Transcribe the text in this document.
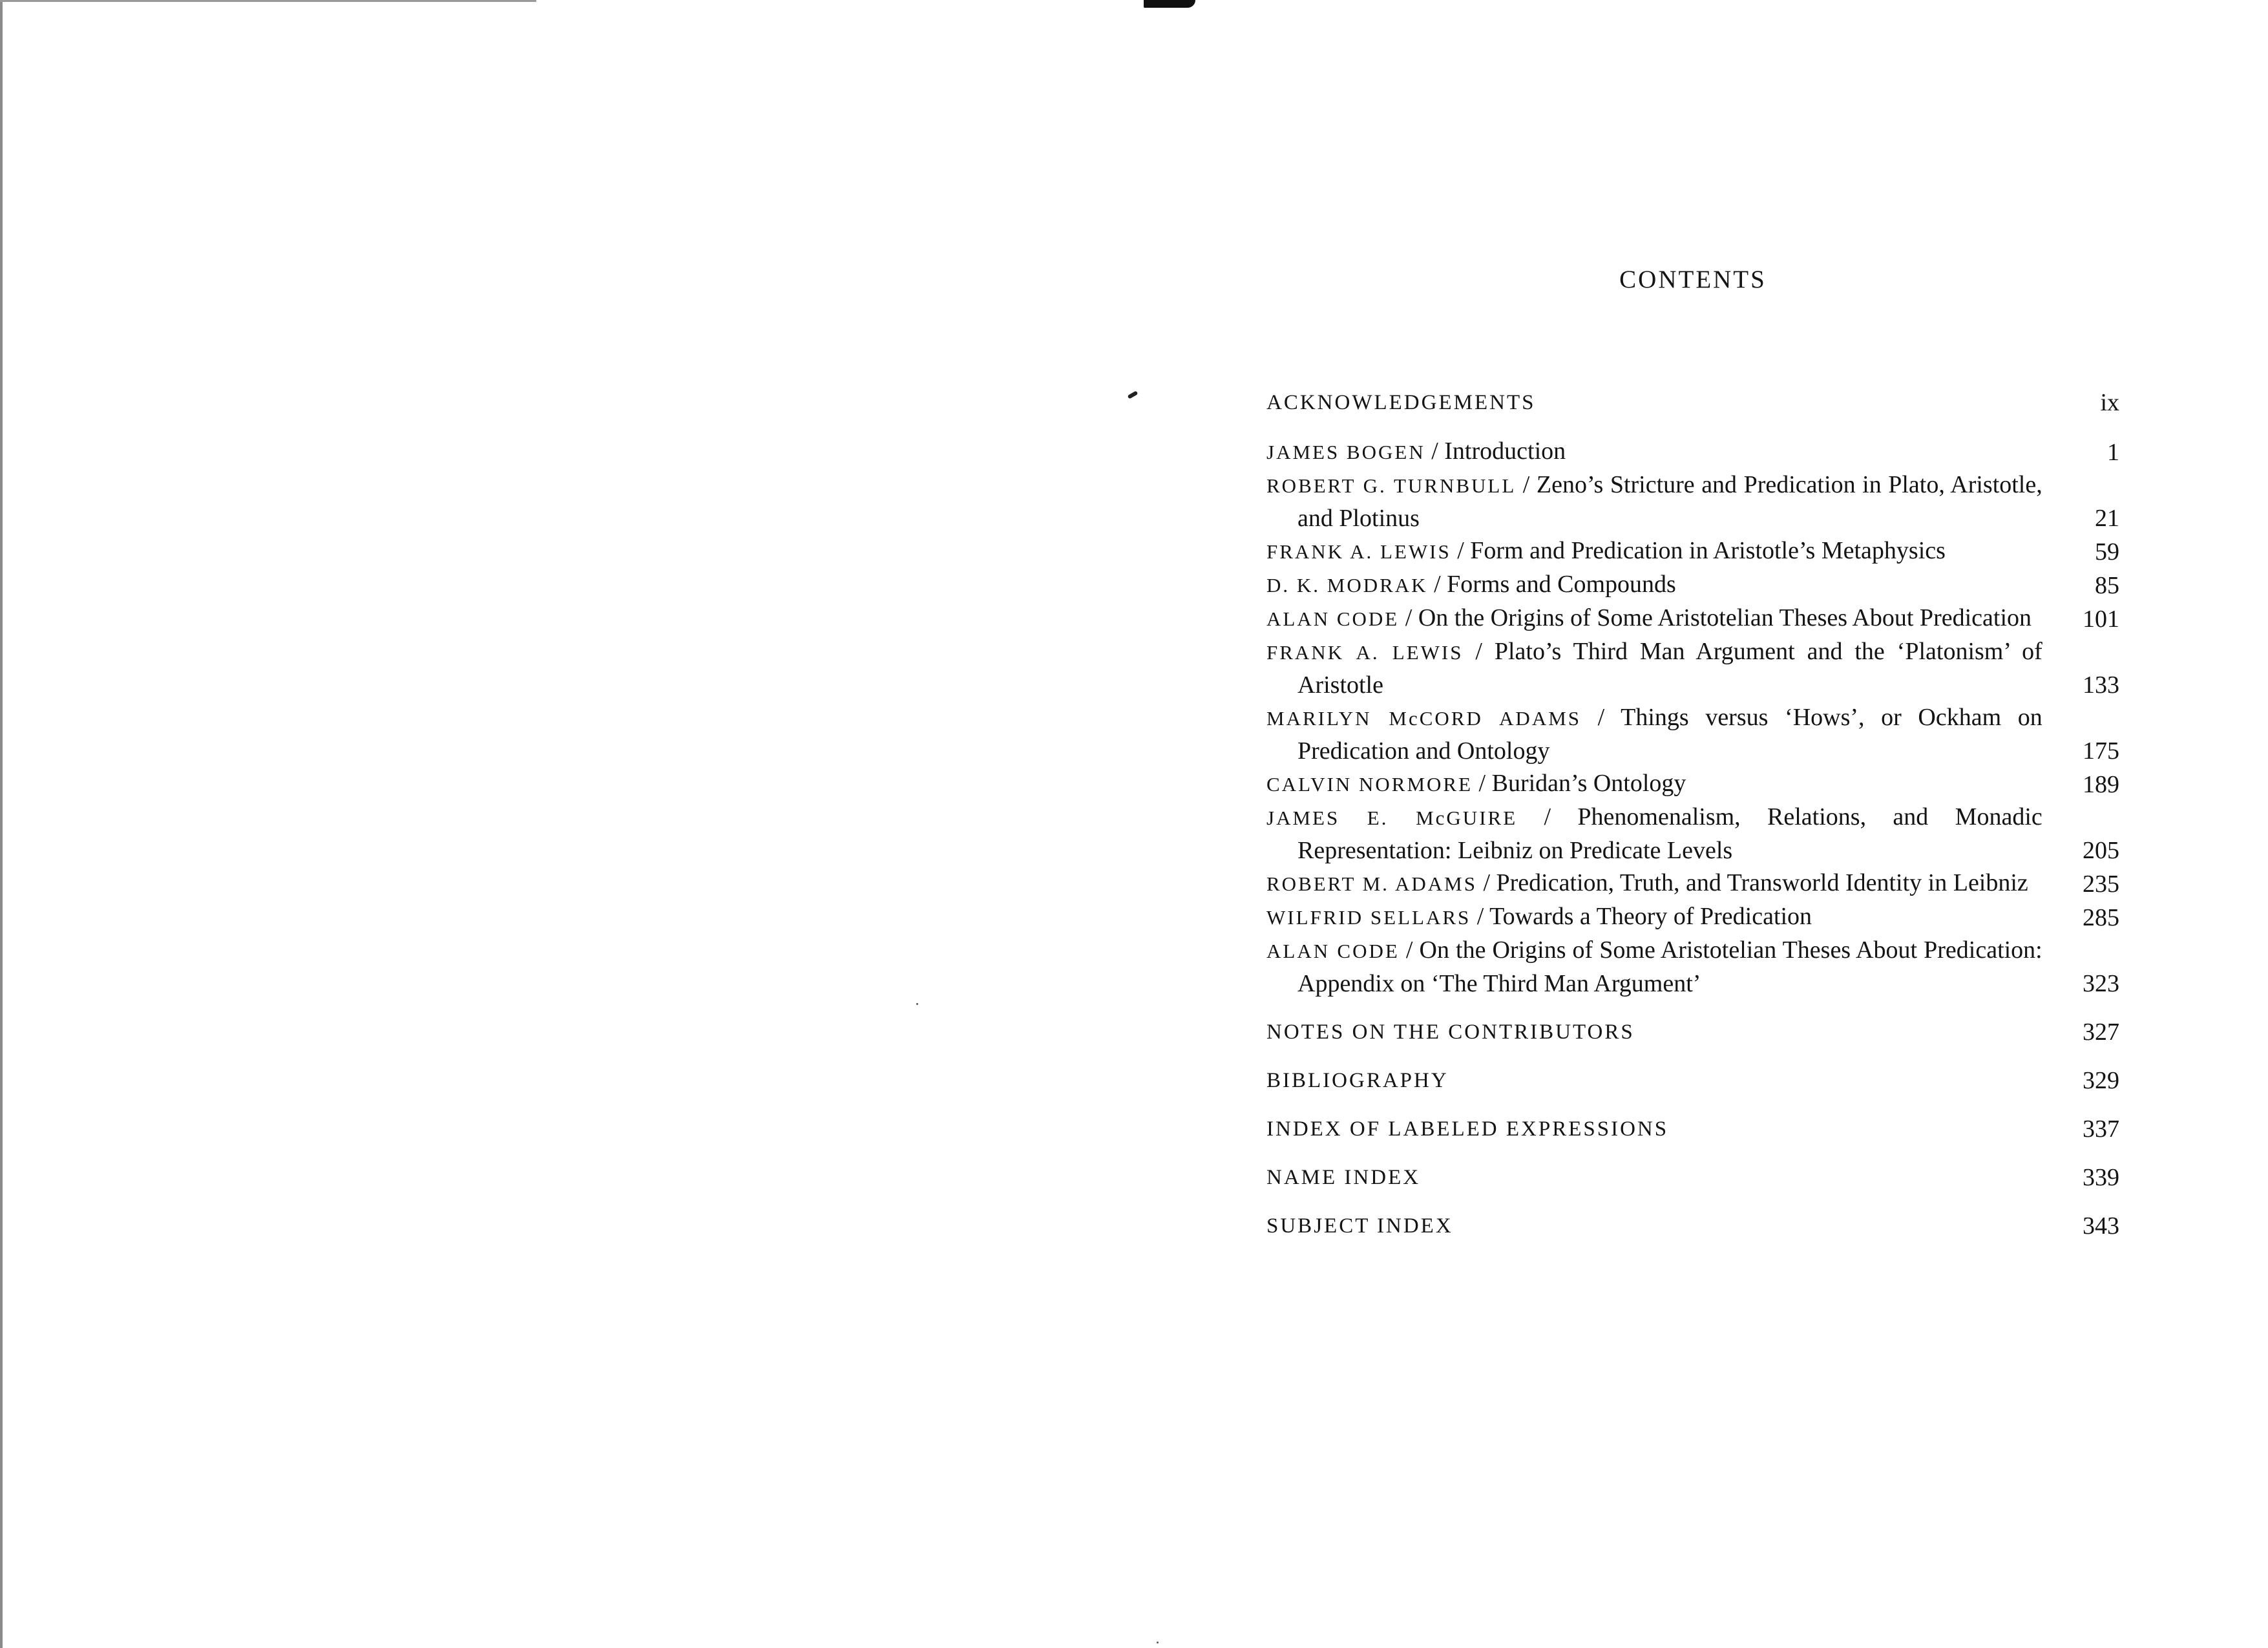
CONTENTS
ACKNOWLEDGEMENTS	ix
JAMES BOGEN / Introduction	1
ROBERT G. TURNBULL / Zeno’s Stricture and Predication in Plato, Aristotle, and Plotinus	21
FRANK A. LEWIS / Form and Predication in Aristotle’s Metaphysics	59
D. K. MODRAK / Forms and Compounds	85
ALAN CODE / On the Origins of Some Aristotelian Theses About Predication	101
FRANK A. LEWIS / Plato’s Third Man Argument and the ‘Platonism’ of Aristotle	133
MARILYN McCORD ADAMS / Things versus ‘Hows’, or Ockham on Predication and Ontology	175
CALVIN NORMORE / Buridan’s Ontology	189
JAMES E. McGUIRE / Phenomenalism, Relations, and Monadic Representation: Leibniz on Predicate Levels	205
ROBERT M. ADAMS / Predication, Truth, and Transworld Identity in Leibniz	235
WILFRID SELLARS / Towards a Theory of Predication	285
ALAN CODE / On the Origins of Some Aristotelian Theses About Predication: Appendix on ‘The Third Man Argument’	323
NOTES ON THE CONTRIBUTORS	327
BIBLIOGRAPHY	329
INDEX OF LABELED EXPRESSIONS	337
NAME INDEX	339
SUBJECT INDEX	343
